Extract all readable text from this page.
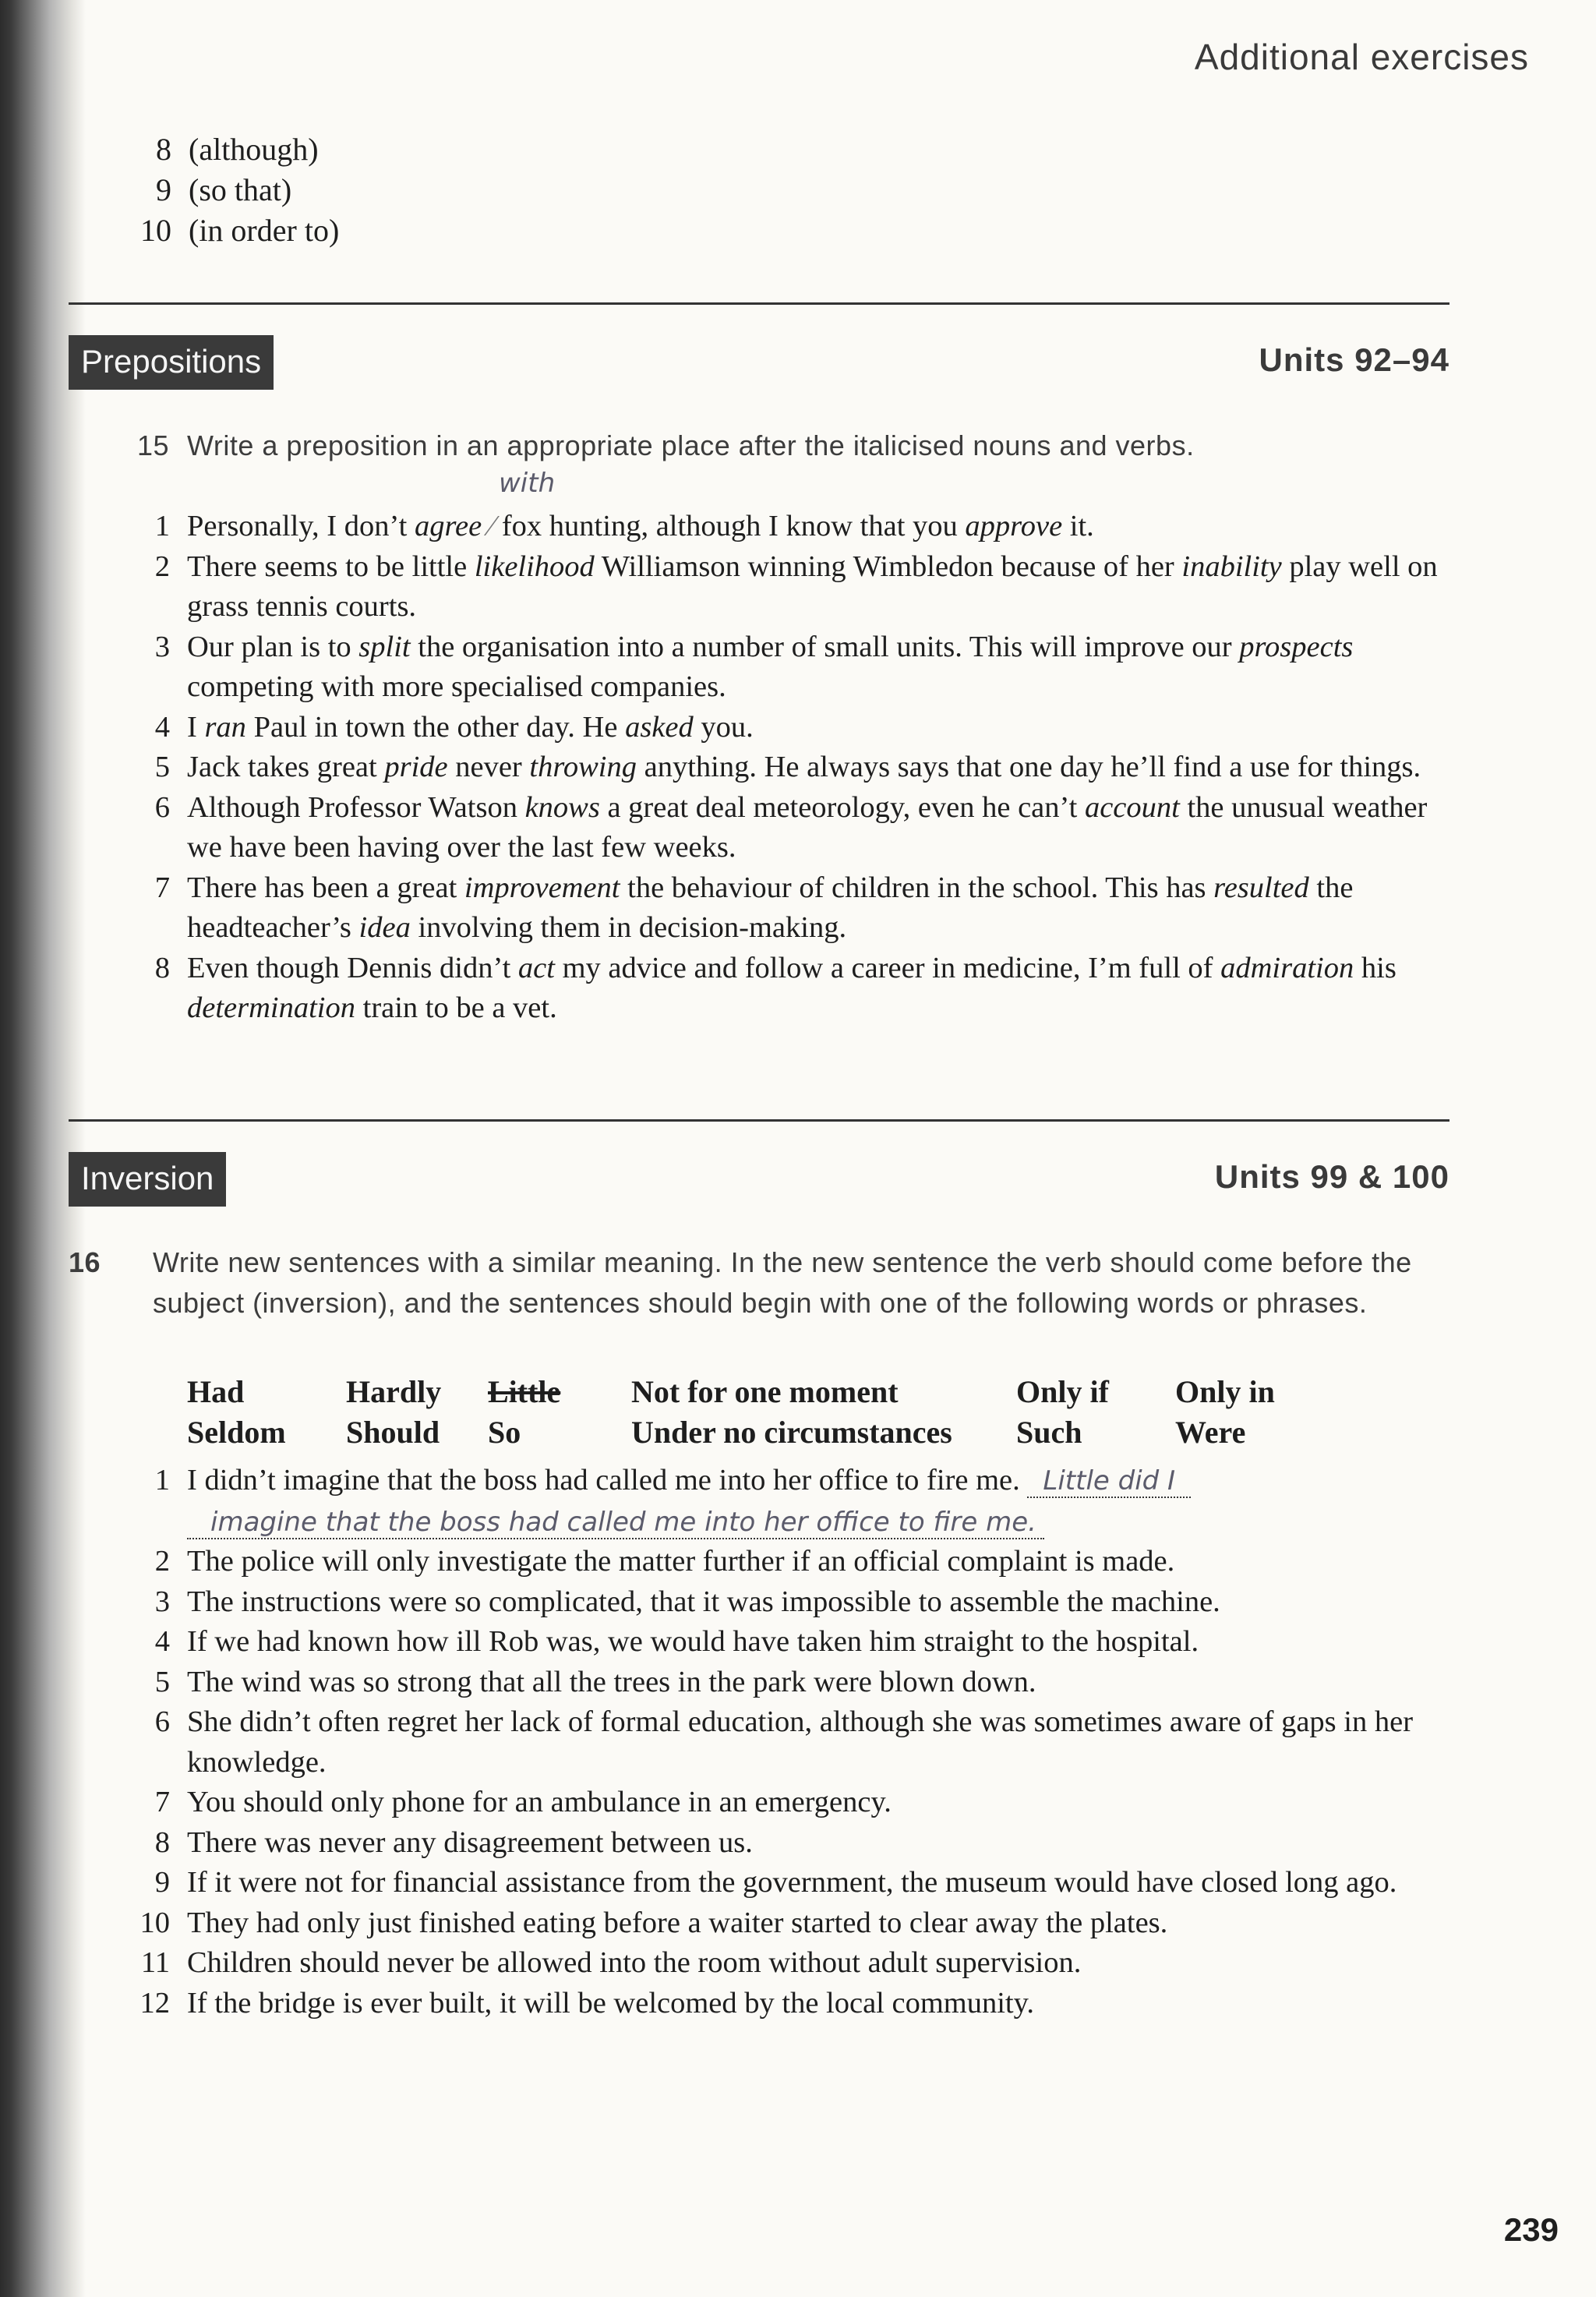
Additional exercises
8 (although)
9 (so that)
10 (in order to)
Prepositions	Units 92–94
15 Write a preposition in an appropriate place after the italicised nouns and verbs.
with
1 Personally, I don’t agree ⁄ fox hunting, although I know that you approve it.
2 There seems to be little likelihood Williamson winning Wimbledon because of her inability play well on grass tennis courts.
3 Our plan is to split the organisation into a number of small units. This will improve our prospects competing with more specialised companies.
4 I ran Paul in town the other day. He asked you.
5 Jack takes great pride never throwing anything. He always says that one day he’ll find a use for things.
6 Although Professor Watson knows a great deal meteorology, even he can’t account the unusual weather we have been having over the last few weeks.
7 There has been a great improvement the behaviour of children in the school. This has resulted the headteacher’s idea involving them in decision-making.
8 Even though Dennis didn’t act my advice and follow a career in medicine, I’m full of admiration his determination train to be a vet.
Inversion	Units 99 & 100
16 Write new sentences with a similar meaning. In the new sentence the verb should come before the subject (inversion), and the sentences should begin with one of the following words or phrases.
Had	Hardly	Little	Not for one moment	Only if	Only in
Seldom	Should	So	Under no circumstances	Such	Were
1 I didn’t imagine that the boss had called me into her office to fire me. Little did I
imagine that the boss had called me into her office to fire me.
2 The police will only investigate the matter further if an official complaint is made.
3 The instructions were so complicated, that it was impossible to assemble the machine.
4 If we had known how ill Rob was, we would have taken him straight to the hospital.
5 The wind was so strong that all the trees in the park were blown down.
6 She didn’t often regret her lack of formal education, although she was sometimes aware of gaps in her knowledge.
7 You should only phone for an ambulance in an emergency.
8 There was never any disagreement between us.
9 If it were not for financial assistance from the government, the museum would have closed long ago.
10 They had only just finished eating before a waiter started to clear away the plates.
11 Children should never be allowed into the room without adult supervision.
12 If the bridge is ever built, it will be welcomed by the local community.
239
